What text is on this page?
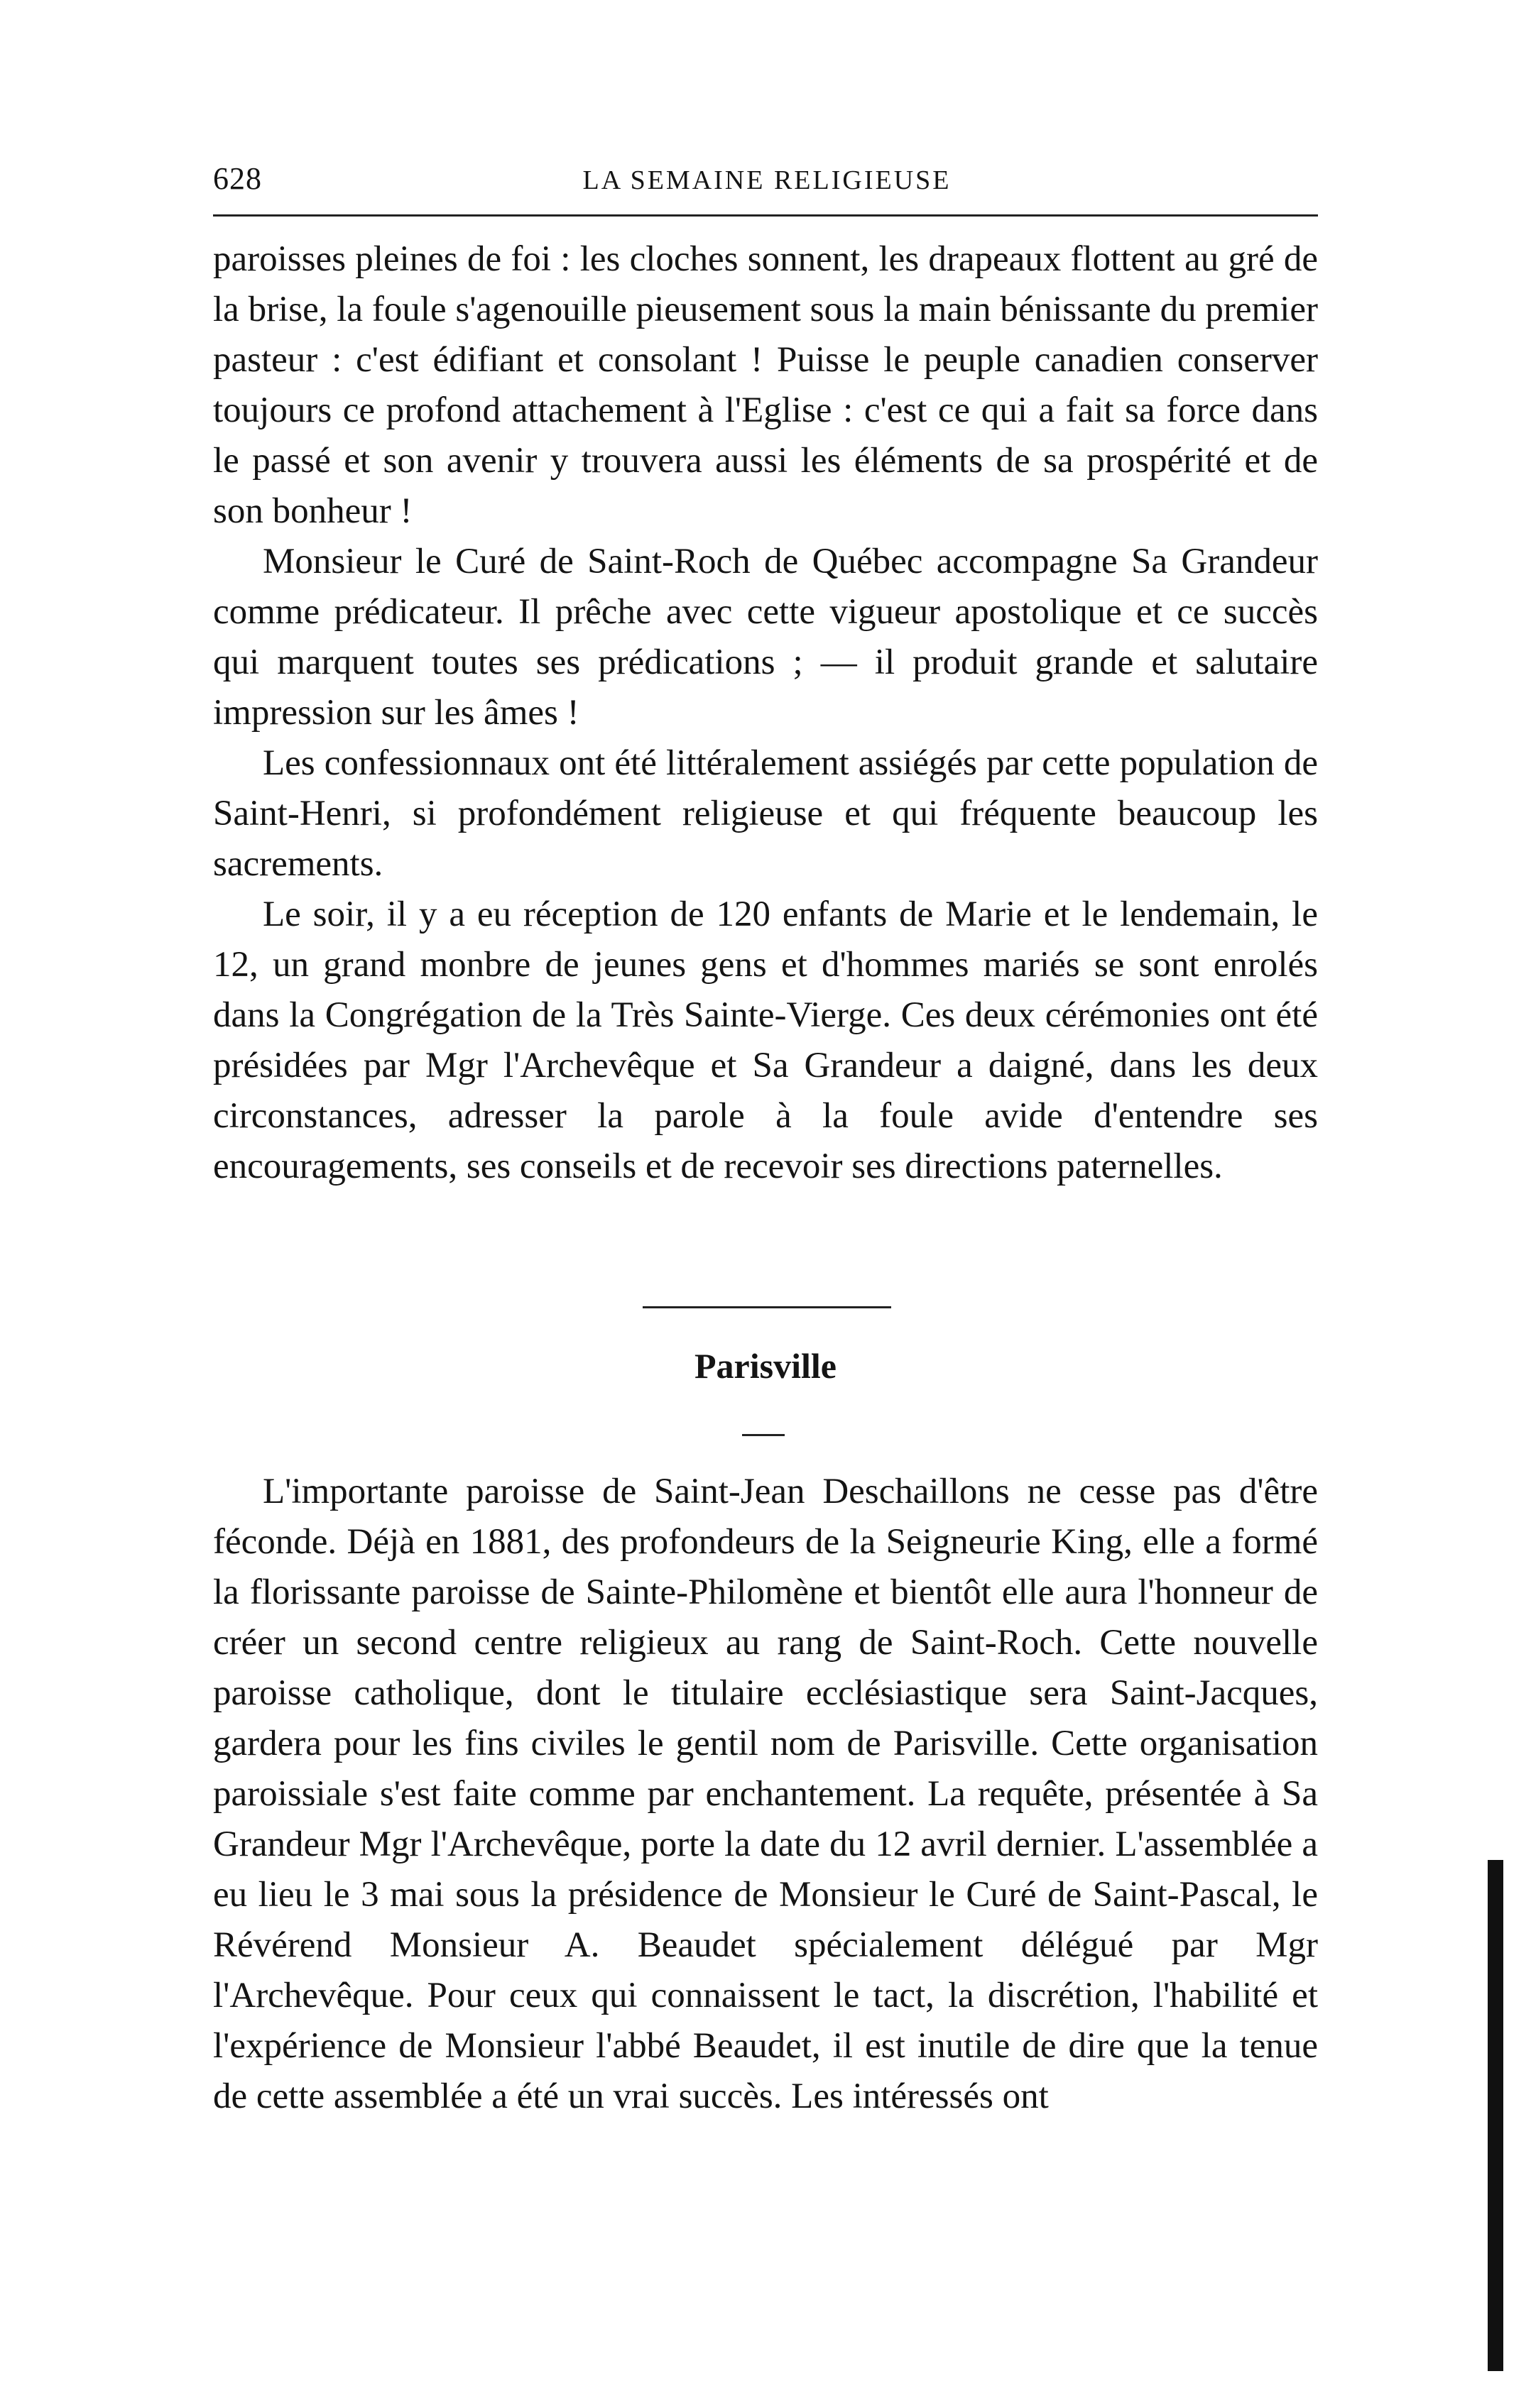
628	LA SEMAINE RELIGIEUSE

paroisses pleines de foi : les cloches sonnent, les drapeaux flottent au gré de la brise, la foule s'agenouille pieusement sous la main bénissante du premier pasteur : c'est édifiant et consolant ! Puisse le peuple canadien conserver toujours ce profond attachement à l'Eglise : c'est ce qui a fait sa force dans le passé et son avenir y trouvera aussi les éléments de sa prospérité et de son bonheur !

Monsieur le Curé de Saint-Roch de Québec accompagne Sa Grandeur comme prédicateur. Il prêche avec cette vigueur apostolique et ce succès qui marquent toutes ses prédications ; — il produit grande et salutaire impression sur les âmes !

Les confessionnaux ont été littéralement assiégés par cette population de Saint-Henri, si profondément religieuse et qui fréquente beaucoup les sacrements.

Le soir, il y a eu réception de 120 enfants de Marie et le lendemain, le 12, un grand monbre de jeunes gens et d'hommes mariés se sont enrolés dans la Congrégation de la Très Sainte-Vierge. Ces deux cérémonies ont été présidées par Mgr l'Archevêque et Sa Grandeur a daigné, dans les deux circonstances, adresser la parole à la foule avide d'entendre ses encouragements, ses conseils et de recevoir ses directions paternelles.

Parisville

L'importante paroisse de Saint-Jean Deschaillons ne cesse pas d'être féconde. Déjà en 1881, des profondeurs de la Seigneurie King, elle a formé la florissante paroisse de Sainte-Philomène et bientôt elle aura l'honneur de créer un second centre religieux au rang de Saint-Roch. Cette nouvelle paroisse catholique, dont le titulaire ecclésiastique sera Saint-Jacques, gardera pour les fins civiles le gentil nom de Parisville. Cette organisation paroissiale s'est faite comme par enchantement. La requête, présentée à Sa Grandeur Mgr l'Archevêque, porte la date du 12 avril dernier. L'assemblée a eu lieu le 3 mai sous la présidence de Monsieur le Curé de Saint-Pascal, le Révérend Monsieur A. Beaudet spécialement délégué par Mgr l'Archevêque. Pour ceux qui connaissent le tact, la discrétion, l'habilité et l'expérience de Monsieur l'abbé Beaudet, il est inutile de dire que la tenue de cette assemblée a été un vrai succès. Les intéressés ont
